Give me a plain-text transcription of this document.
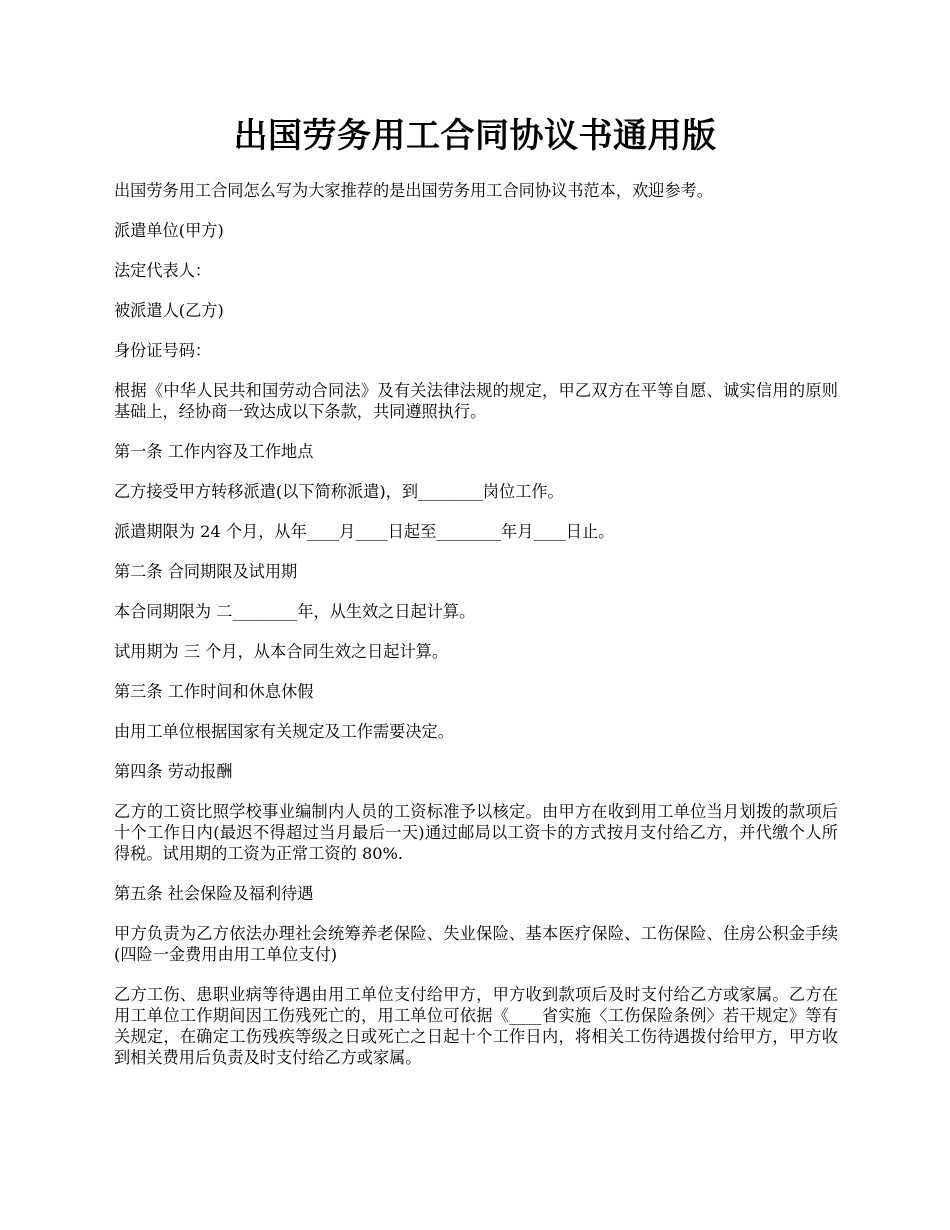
出国劳务用工合同协议书通用版

出国劳务用工合同怎么写为大家推荐的是出国劳务用工合同协议书范本，欢迎参考。

派遣单位(甲方)

法定代表人：

被派遣人(乙方)

身份证号码：

根据《中华人民共和国劳动合同法》及有关法律法规的规定，甲乙双方在平等自愿、诚实信用的原则基础上，经协商一致达成以下条款，共同遵照执行。

第一条 工作内容及工作地点

乙方接受甲方转移派遣(以下简称派遣)，到________岗位工作。

派遣期限为 24 个月，从年____月____日起至________年月____日止。

第二条 合同期限及试用期

本合同期限为 二________年，从生效之日起计算。

试用期为 三 个月，从本合同生效之日起计算。

第三条 工作时间和休息休假

由用工单位根据国家有关规定及工作需要决定。

第四条 劳动报酬

乙方的工资比照学校事业编制内人员的工资标准予以核定。由甲方在收到用工单位当月划拨的款项后十个工作日内(最迟不得超过当月最后一天)通过邮局以工资卡的方式按月支付给乙方，并代缴个人所得税。试用期的工资为正常工资的 80%.

第五条 社会保险及福利待遇

甲方负责为乙方依法办理社会统筹养老保险、失业保险、基本医疗保险、工伤保险、住房公积金手续(四险一金费用由用工单位支付)

乙方工伤、患职业病等待遇由用工单位支付给甲方，甲方收到款项后及时支付给乙方或家属。乙方在用工单位工作期间因工伤残死亡的，用工单位可依据《____省实施〈工伤保险条例〉若干规定》等有关规定，在确定工伤残疾等级之日或死亡之日起十个工作日内，将相关工伤待遇拨付给甲方，甲方收到相关费用后负责及时支付给乙方或家属。
